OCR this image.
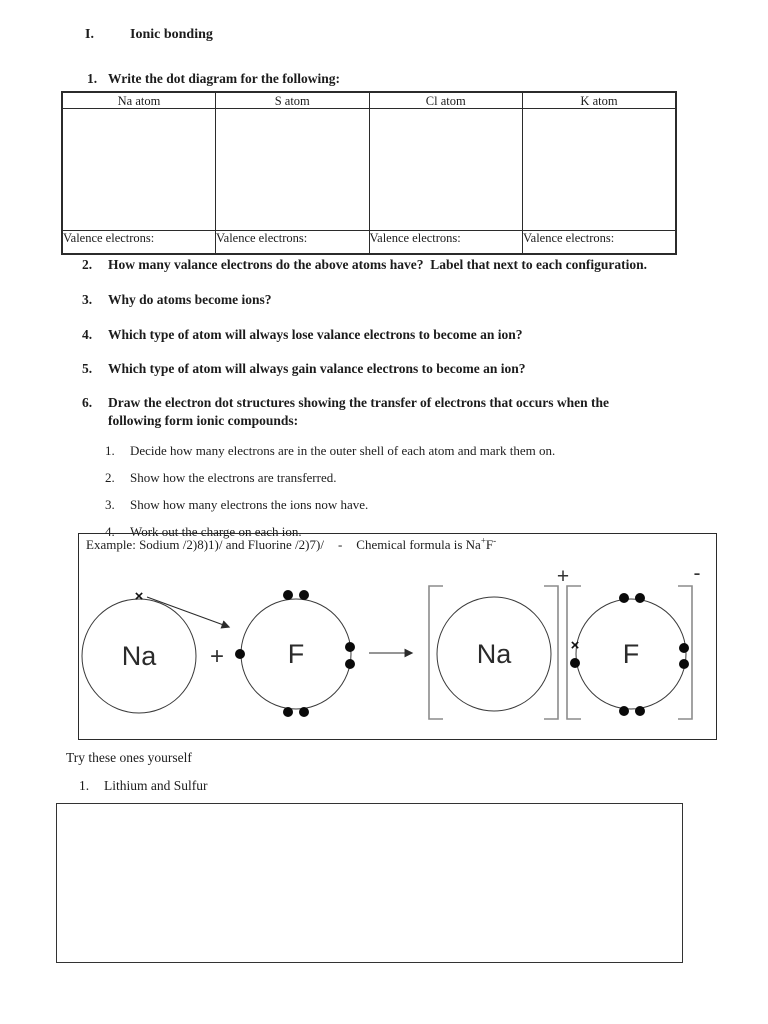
I.	Ionic bonding
1. Write the dot diagram for the following:
Na atom	S atom	Cl atom	K atom

Valence electrons:	Valence electrons:	Valence electrons:	Valence electrons:
2.	How many valance electrons do the above atoms have?  Label that next to each configuration.
3.	Why do atoms become ions?
4.	Which type of atom will always lose valance electrons to become an ion?
5.	Which type of atom will always gain valance electrons to become an ion?
6.	Draw the electron dot structures showing the transfer of electrons that occurs when the
following form ionic compounds:
1.	Decide how many electrons are in the outer shell of each atom and mark them on.
2.	Show how the electrons are transferred.
3.	Show how many electrons the ions now have.
4.	Work out the charge on each ion.
Example: Sodium /2)8)1)/ and Fluorine /2)7)/ - Chemical formula is Na+F-
Na
×
+ F	Na
+
F
×
-
Try these ones yourself
1.	Lithium and Sulfur
